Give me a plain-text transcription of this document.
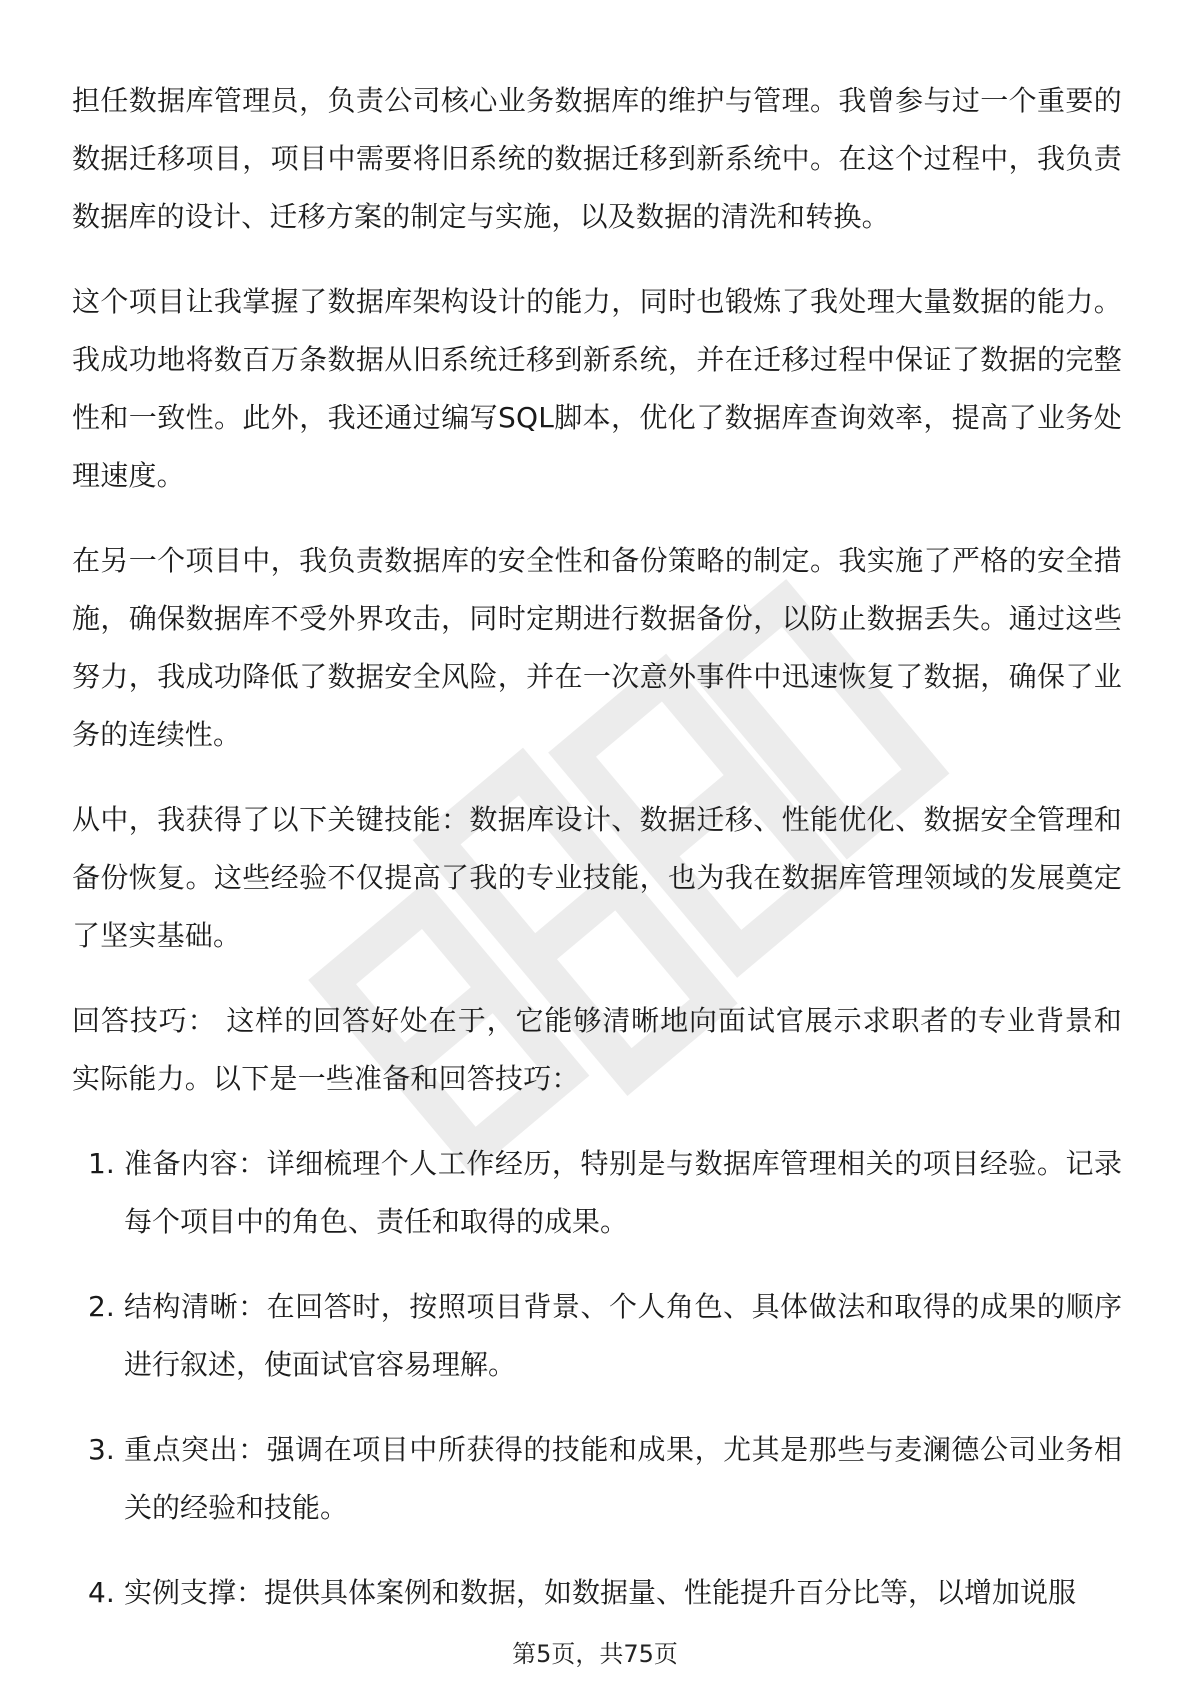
担任数据库管理员，负责公司核心业务数据库的维护与管理。我曾参与过一个重要的数据迁移项目，项目中需要将旧系统的数据迁移到新系统中。在这个过程中，我负责数据库的设计、迁移方案的制定与实施，以及数据的清洗和转换。

这个项目让我掌握了数据库架构设计的能力，同时也锻炼了我处理大量数据的能力。我成功地将数百万条数据从旧系统迁移到新系统，并在迁移过程中保证了数据的完整性和一致性。此外，我还通过编写SQL脚本，优化了数据库查询效率，提高了业务处理速度。

在另一个项目中，我负责数据库的安全性和备份策略的制定。我实施了严格的安全措施，确保数据库不受外界攻击，同时定期进行数据备份，以防止数据丢失。通过这些努力，我成功降低了数据安全风险，并在一次意外事件中迅速恢复了数据，确保了业务的连续性。

从中，我获得了以下关键技能：数据库设计、数据迁移、性能优化、数据安全管理和备份恢复。这些经验不仅提高了我的专业技能，也为我在数据库管理领域的发展奠定了坚实基础。

回答技巧： 这样的回答好处在于，它能够清晰地向面试官展示求职者的专业背景和实际能力。以下是一些准备和回答技巧：

1. 准备内容：详细梳理个人工作经历，特别是与数据库管理相关的项目经验。记录每个项目中的角色、责任和取得的成果。
2. 结构清晰：在回答时，按照项目背景、个人角色、具体做法和取得的成果的顺序进行叙述，使面试官容易理解。
3. 重点突出：强调在项目中所获得的技能和成果，尤其是那些与麦澜德公司业务相关的经验和技能。
4. 实例支撑：提供具体案例和数据，如数据量、性能提升百分比等，以增加说服
第5页，共75页
